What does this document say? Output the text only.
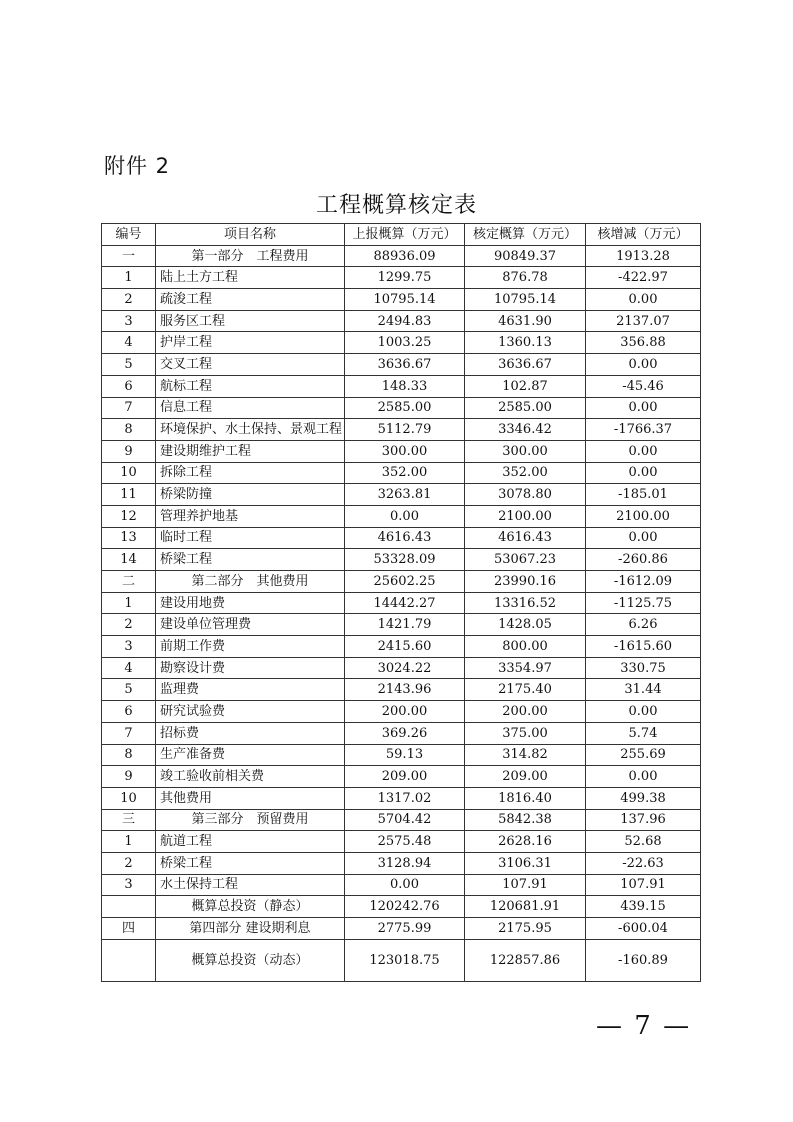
附件 2
工程概算核定表
编号	项目名称	上报概算（万元）	核定概算（万元）	核增减（万元）
一	第一部分　工程费用	88936.09	90849.37	1913.28
1	陆上土方工程	1299.75	876.78	-422.97
2	疏浚工程	10795.14	10795.14	0.00
3	服务区工程	2494.83	4631.90	2137.07
4	护岸工程	1003.25	1360.13	356.88
5	交叉工程	3636.67	3636.67	0.00
6	航标工程	148.33	102.87	-45.46
7	信息工程	2585.00	2585.00	0.00
8	环境保护、水土保持、景观工程	5112.79	3346.42	-1766.37
9	建设期维护工程	300.00	300.00	0.00
10	拆除工程	352.00	352.00	0.00
11	桥梁防撞	3263.81	3078.80	-185.01
12	管理养护地基	0.00	2100.00	2100.00
13	临时工程	4616.43	4616.43	0.00
14	桥梁工程	53328.09	53067.23	-260.86
二	第二部分　其他费用	25602.25	23990.16	-1612.09
1	建设用地费	14442.27	13316.52	-1125.75
2	建设单位管理费	1421.79	1428.05	6.26
3	前期工作费	2415.60	800.00	-1615.60
4	勘察设计费	3024.22	3354.97	330.75
5	监理费	2143.96	2175.40	31.44
6	研究试验费	200.00	200.00	0.00
7	招标费	369.26	375.00	5.74
8	生产准备费	59.13	314.82	255.69
9	竣工验收前相关费	209.00	209.00	0.00
10	其他费用	1317.02	1816.40	499.38
三	第三部分　预留费用	5704.42	5842.38	137.96
1	航道工程	2575.48	2628.16	52.68
2	桥梁工程	3128.94	3106.31	-22.63
3	水土保持工程	0.00	107.91	107.91
	概算总投资（静态）	120242.76	120681.91	439.15
四	第四部分 建设期利息	2775.99	2175.95	-600.04
	概算总投资（动态）	123018.75	122857.86	-160.89
— 7 —
